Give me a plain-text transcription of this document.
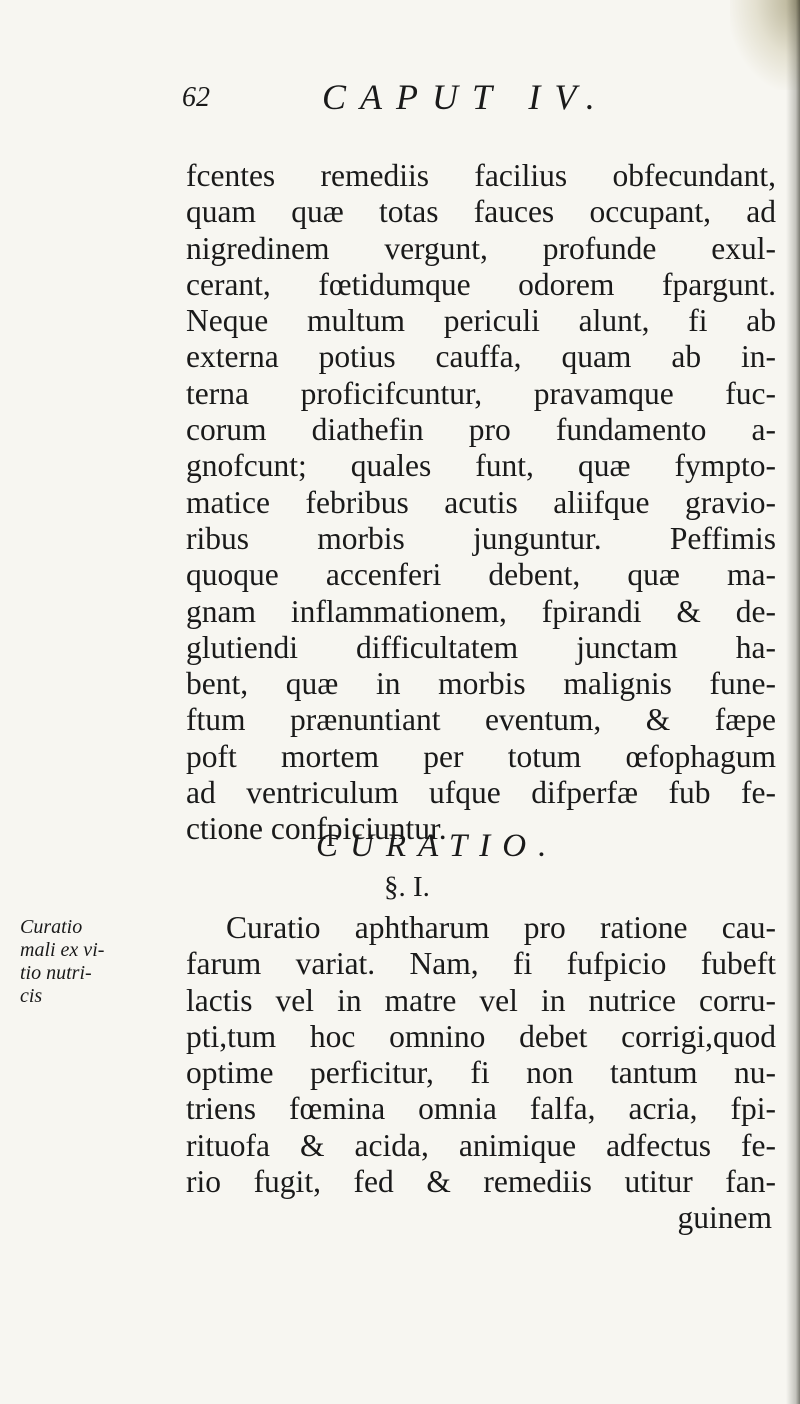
62	CAPUT IV.
fcentes remediis facilius obfecundant,
quam quæ totas fauces occupant, ad
nigredinem vergunt, profunde exul-
cerant, fœtidumque odorem fpargunt.
Neque multum periculi alunt, fi ab
externa potius cauffa, quam ab in-
terna proficifcuntur, pravamque fuc-
corum diathefin pro fundamento a-
gnofcunt; quales funt, quæ fympto-
matice febribus acutis aliifque gravio-
ribus morbis junguntur. Peffimis
quoque accenferi debent, quæ ma-
gnam inflammationem, fpirandi & de-
glutiendi difficultatem junctam ha-
bent, quæ in morbis malignis fune-
ftum prænuntiant eventum, & fæpe
poft mortem per totum œfophagum
ad ventriculum ufque difperfæ fub fe-
ctione confpiciuntur.
CURATIO.
§. I.
Curatio
mali ex vi-
tio nutri-
cis
Curatio aphtharum pro ratione cau-
farum variat. Nam, fi fufpicio fubeft
lactis vel in matre vel in nutrice corru-
pti,tum hoc omnino debet corrigi,quod
optime perficitur, fi non tantum nu-
triens fœmina omnia falfa, acria, fpi-
rituofa & acida, animique adfectus fe-
rio fugit, fed & remediis utitur fan-
guinem
